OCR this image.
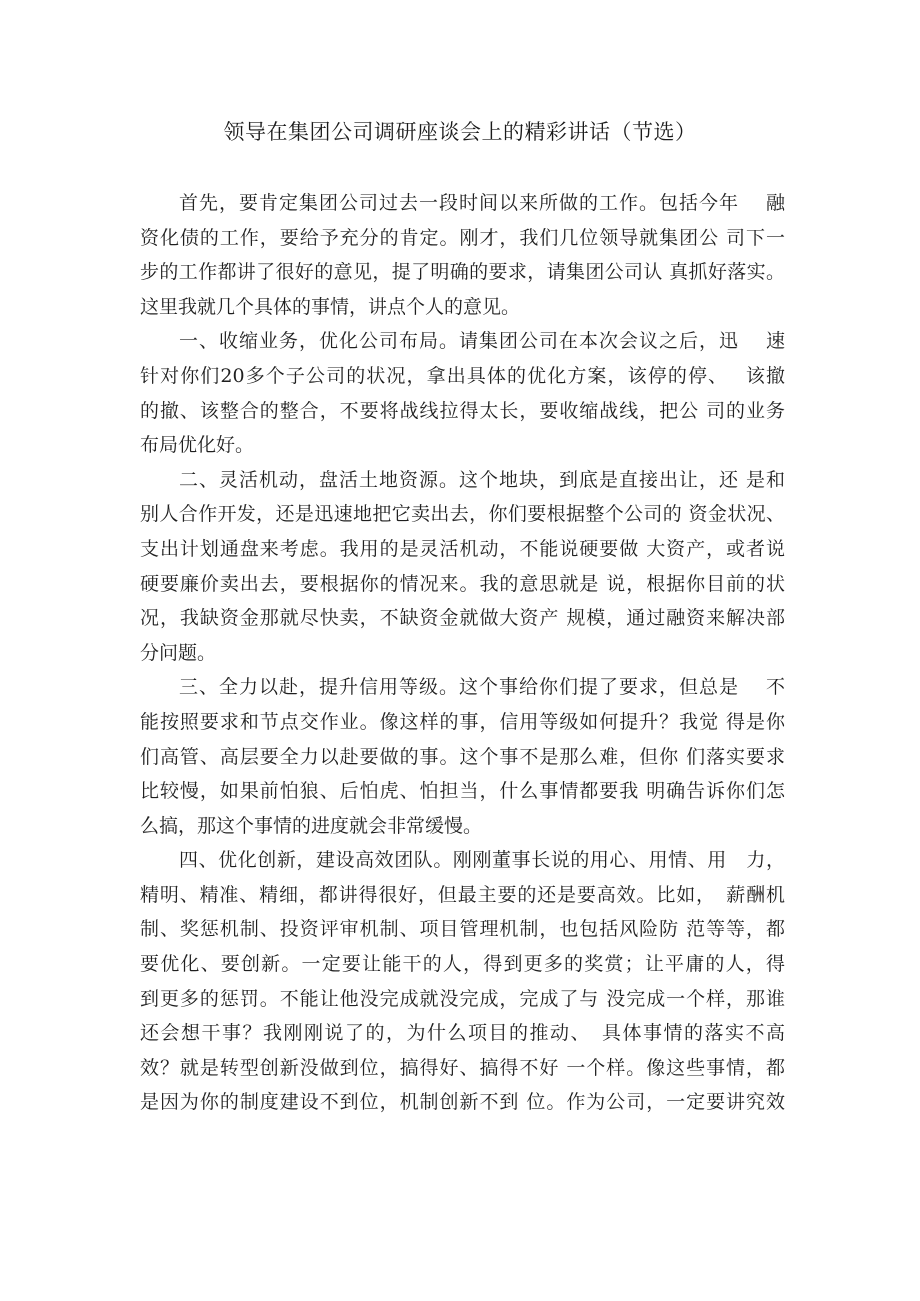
领导在集团公司调研座谈会上的精彩讲话（节选）
首先，要肯定集团公司过去一段时间以来所做的工作。包括今年　 融
资化债的工作，要给予充分的肯定。刚才，我们几位领导就集团公 司下一
步的工作都讲了很好的意见，提了明确的要求，请集团公司认 真抓好落实。
这里我就几个具体的事情，讲点个人的意见。
一、收缩业务，优化公司布局。请集团公司在本次会议之后，迅　 速
针对你们20多个子公司的状况，拿出具体的优化方案，该停的停、　 该撤
的撤、该整合的整合，不要将战线拉得太长，要收缩战线，把公 司的业务
布局优化好。
二、灵活机动，盘活土地资源。这个地块，到底是直接出让，还 是和
别人合作开发，还是迅速地把它卖出去，你们要根据整个公司的 资金状况、
支出计划通盘来考虑。我用的是灵活机动，不能说硬要做 大资产，或者说
硬要廉价卖出去，要根据你的情况来。我的意思就是 说，根据你目前的状
况，我缺资金那就尽快卖，不缺资金就做大资产 规模，通过融资来解决部
分问题。
三、全力以赴，提升信用等级。这个事给你们提了要求，但总是　 不
能按照要求和节点交作业。像这样的事，信用等级如何提升？我觉 得是你
们高管、高层要全力以赴要做的事。这个事不是那么难，但你 们落实要求
比较慢，如果前怕狼、后怕虎、怕担当，什么事情都要我 明确告诉你们怎
么搞，那这个事情的进度就会非常缓慢。
四、优化创新，建设高效团队。刚刚董事长说的用心、用情、用　力，
精明、精准、精细，都讲得很好，但最主要的还是要高效。比如，　薪酬机
制、奖惩机制、投资评审机制、项目管理机制，也包括风险防 范等等，都
要优化、要创新。一定要让能干的人，得到更多的奖赏；让平庸的人，得
到更多的惩罚。不能让他没完成就没完成，完成了与 没完成一个样，那谁
还会想干事？我刚刚说了的，为什么项目的推动、　具体事情的落实不高
效？就是转型创新没做到位，搞得好、搞得不好 一个样。像这些事情，都
是因为你的制度建设不到位，机制创新不到 位。作为公司，一定要讲究效
